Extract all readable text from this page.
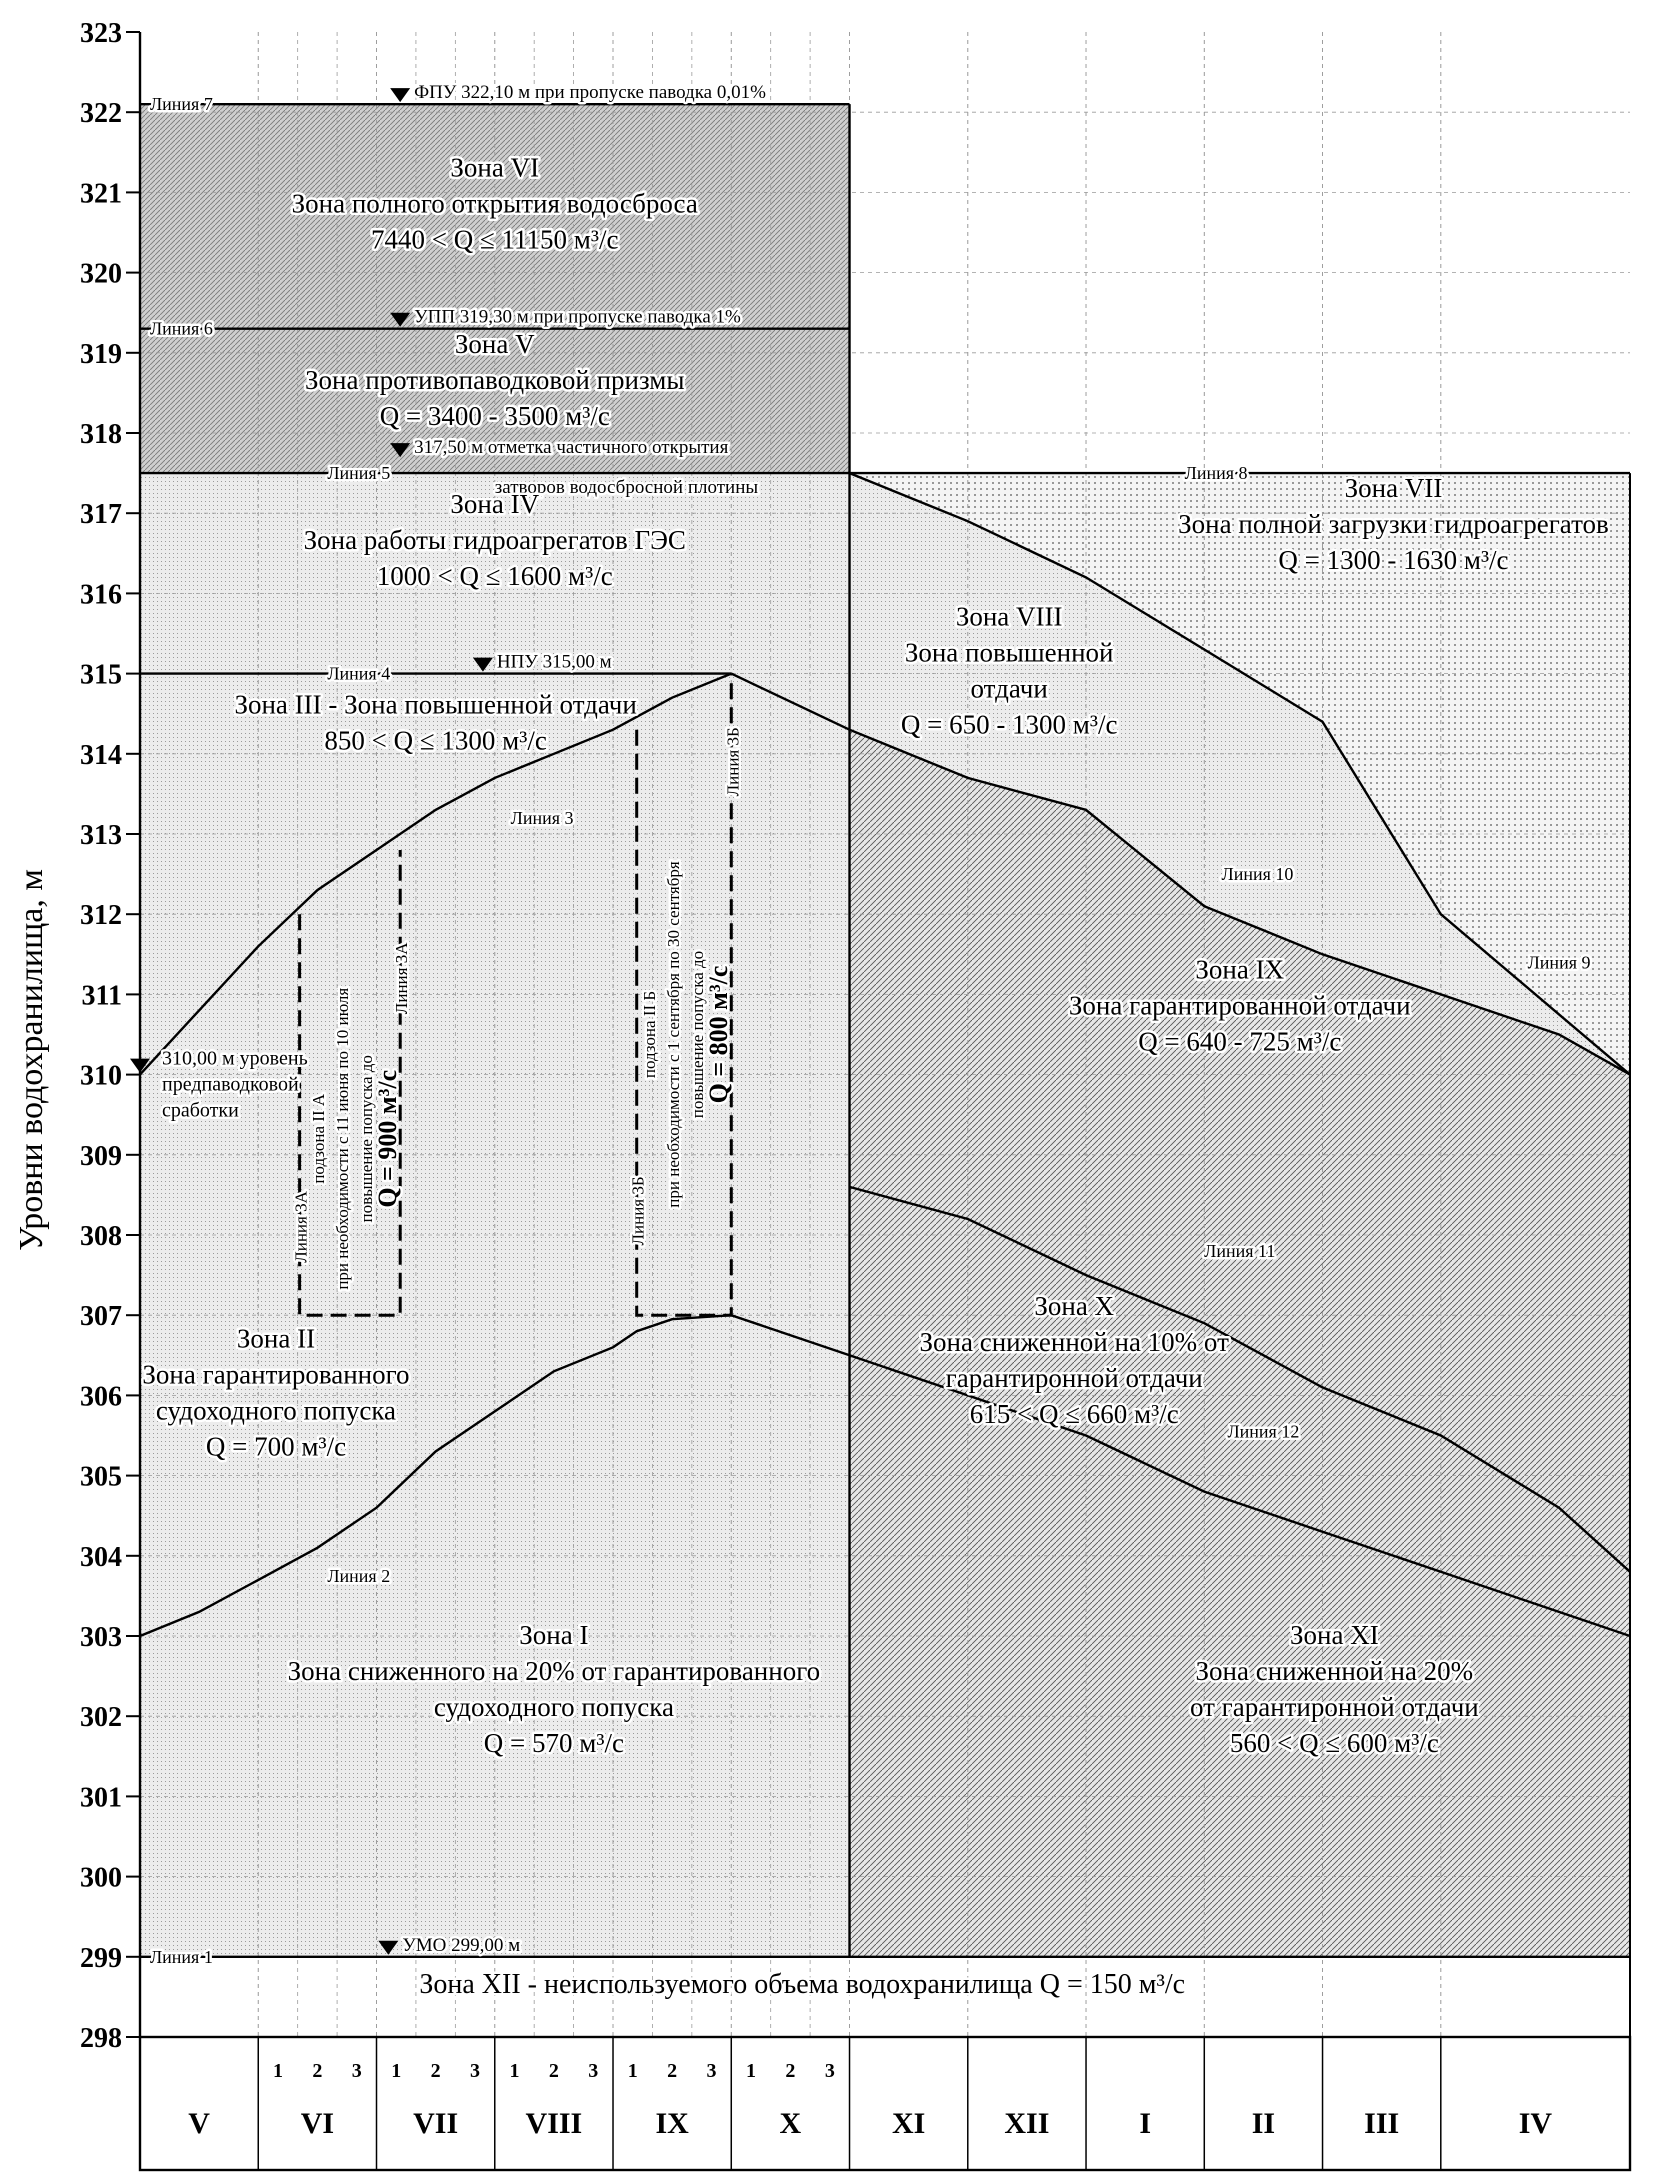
298
299
300
301
302
303
304
305
306
307
308
309
310
311
312
313
314
315
316
317
318
319
320
321
322
323
V	VI
1 2 3
VII
1 2 3
VIII
1 2 3
IX
1 2 3
X
1 2 3
XI	XII	I	II	III	IV
Линия 1
Линия 2
Линия 3
Линия 4
Линия 5
Линия 6
Линия 7
Линия 8
Линия 9
Линия 10
Линия 11
Линия 12
ФПУ 322,10 м при пропуске паводка 0,01%
УПП 319,30 м при пропуске паводка 1%
317,50 м отметка частичного открытия
НПУ 315,00 м
УМО 299,00 м
затворов водосбросной плотины
310,00 м уровень
предпаводковой
сработки
Зона VI
Зона полного открытия водосброса
7440 < Q ≤ 11150 м³/с
Зона V
Зона противопаводковой призмы
Q = 3400 - 3500 м³/с
Зона IV
Зона работы гидроагрегатов ГЭС
1000 < Q ≤ 1600 м³/с
Зона III - Зона повышенной отдачи
850 < Q ≤ 1300 м³/с
Зона VII
Зона полной загрузки гидроагрегатов
Q = 1300 - 1630 м³/с
Зона VIII
Зона повышенной
отдачи
Q = 650 - 1300 м³/с
Зона IX
Зона гарантированной отдачи
Q = 640 - 725 м³/с
Зона X
Зона сниженной на 10% от
гарантиронной отдачи
615 < Q ≤ 660 м³/с
Зона XI
Зона сниженной на 20%
от гарантиронной отдачи
560 < Q ≤ 600 м³/с
Зона II
Зона гарантированного
судоходного попуска
Q = 700 м³/с
Зона I
Зона сниженного на 20% от гарантированного
судоходного попуска
Q = 570 м³/с
Зона XII - неиспользуемого объема водохранилища Q = 150 м³/с
подзона II А при необходимости с 11 июня по 10 июля повышение попуска до
Q = 900 м³/с
Линия 3А
Линия 3А
подзона II Б при необходимости с 1 сентября по 30 сентября повышение попуска до
Q = 800 м³/с
Линия 3Б
Линия 3Б
Уровни водохранилища, м
